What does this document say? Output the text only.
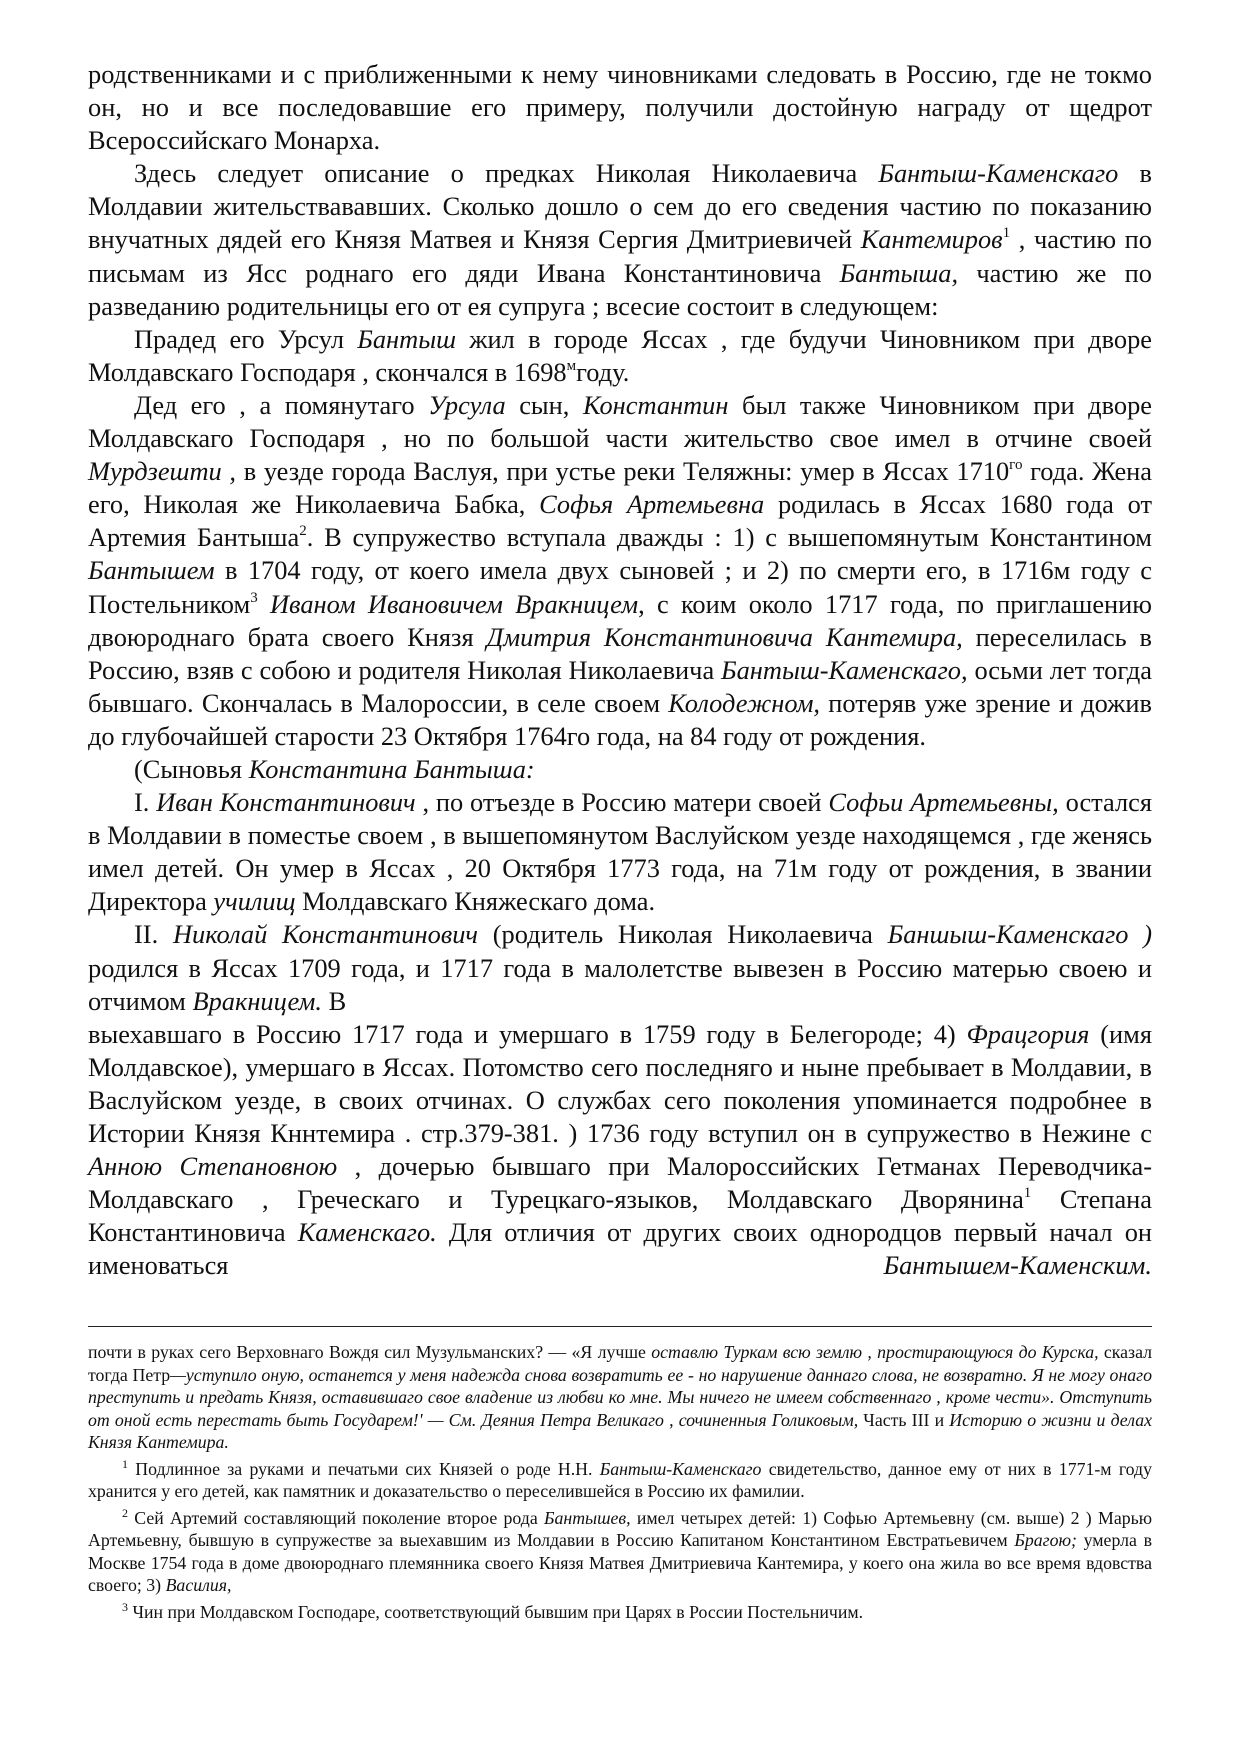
родственниками и с приближенными к нему чиновниками следовать в Россию, где не токмо он, но и все последовавшие его примеру, получили достойную награду от щедрот Всероссийскаго Монарха.

Здесь следует описание о предках Николая Николаевича Бантыш-Каменскаго в Молдавии жительствававших. Сколько дошло о сем до его сведения частию по показанию внучатных дядей его Князя Матвея и Князя Сергия Дмитриевичей Кантемиров$^1$ , частию по письмам из Ясс роднаго его дяди Ивана Константиновича Бантыша, частию же по разведанию родительницы его от ея супруга ; всесие состоит в следующем:

Прадед его Урсул Бантыш жил в городе Яссах , где будучи Чиновником при дворе Молдавскаго Господаря , скончался в $1698^мгоду$.

Дед его , а помянутаго Урсула сын, Константин был также Чиновником при дворе Молдавскаго Господаря , но по большой части жительство свое имел в отчине своей Мурдзешти , в уезде города Васлуя, при устье реки Теляжны: умер в Яссах $1710^{го}$ года. Жена его, Николая же Николаевича Бабка, Софья Артемьевна родилась в Яссах 1680 года от Артемия Бантыша$^2$. В супружество вступала дважды : 1) с вышепомянутым Константином Бантышем в 1704 году, от коего имела двух сыновей ; и 2) по смерти его, в 1716м году с Постельником$^3$ Иваном Ивановичем Вракницем, с коим около 1717 года, по приглашению двоюроднаго брата своего Князя Дмитрия Константиновича Кантемира, переселилась в Россию, взяв с собою и родителя Николая Николаевича Бантыш-Каменскаго, осьми лет тогда бывшаго. Скончалась в Малороссии, в селе своем Колодежном, потеряв уже зрение и дожив до глубочайшей старости 23 Октября 1764го года, на 84 году от рождения.

(Сыновья Константина Бантыша:

I. Иван Константинович , по отъезде в Россию матери своей Софьи Артемьевны, остался в Молдавии в поместье своем , в вышепомянутом Васлуйском уезде находящемся , где женясь имел детей. Он умер в Яссах , 20 Октября 1773 года, на 71м году от рождения, в звании Директора училищ Молдавскаго Княжескаго дома.

II. Николай Константинович (родитель Николая Николаевича Баншыш-Каменскаго ) родился в Яссах 1709 года, и 1717 года в малолетстве вывезен в Россию матерью своею и отчимом Вракницем. В

выехавшаго в Россию 1717 года и умершаго в 1759 году в Белегороде; 4) Фрацгория (имя Молдавское), умершаго в Яссах. Потомство сего последняго и ныне пребывает в Молдавии, в Васлуйском уезде, в своих отчинах. О службах сего поколения упоминается подробнее в Истории Князя Кннтемира . стр.379-381. ) 1736 году вступил он в супружество в Нежине с Анною Степановною , дочерью бывшаго при Малороссийских Гетманах Переводчика- Молдавскаго , Греческаго и Турецкаго-языков, Молдавскаго Дворянина$^1$ Степана Константиновича Каменскаго. Для отличия от других своих однородцов первый начал он именоваться Бантышем-Каменским.

почти в руках сего Верховнаго Вождя сил Музульманских? — «Я лучше оставлю Туркам всю землю , простирающуюся до Курска, сказал тогда Петр—уступило оную, останется у меня надежда снова возвратить ее - но нарушение даннаго слова, не возвратно. Я не могу онаго преступить и предать Князя, оставившаго свое владение из любви ко мне. Мы ничего не имеем собственнаго , кроме чести». Отступить от оной есть перестать быть Государем!' — См. Деяния Петра Великаго , сочиненныя Голиковым, Часть III и Историю о жизни и делах Князя Кантемира.

$^1$ Подлинное за руками и печатьми сих Князей о роде Н.Н. Бантыш-Каменскаго свидетельство, данное ему от них в 1771-м году хранится у его детей, как памятник и доказательство о переселившейся в Россию их фамилии.

$^2$ Сей Артемий составляющий поколение второе рода Бантышев, имел четырех детей: 1) Софью Артемьевну (см. выше) 2 ) Марью Артемьевну, бывшую в супружестве за выехавшим из Молдавии в Россию Капитаном Константином Евстратьевичем Брагою; умерла в Москве 1754 года в доме двоюроднаго племянника своего Князя Матвея Дмитриевича Кантемира, у коего она жила во все время вдовства своего; 3) Василия,

$^3$ Чин при Молдавском Господаре, соответствующий бывшим при Царях в России Постельничим.
